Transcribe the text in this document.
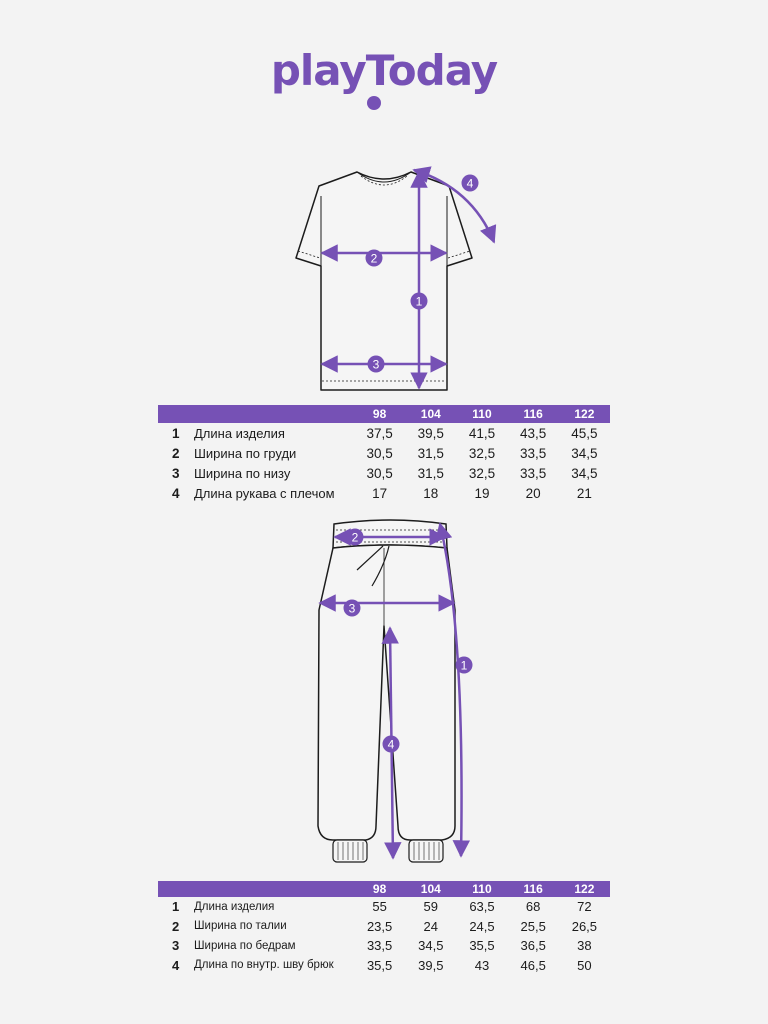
playToday
1
2
3
4
		98	104	110	116	122
1	Длина изделия	37,5	39,5	41,5	43,5	45,5
2	Ширина по груди	30,5	31,5	32,5	33,5	34,5
3	Ширина по низу	30,5	31,5	32,5	33,5	34,5
4	Длина рукава с плечом	17	18	19	20	21
1
2
3
4
		98	104	110	116	122
1	Длина изделия	55	59	63,5	68	72
2	Ширина по талии	23,5	24	24,5	25,5	26,5
3	Ширина по бедрам	33,5	34,5	35,5	36,5	38
4	Длина по внутр. шву брюк	35,5	39,5	43	46,5	50
